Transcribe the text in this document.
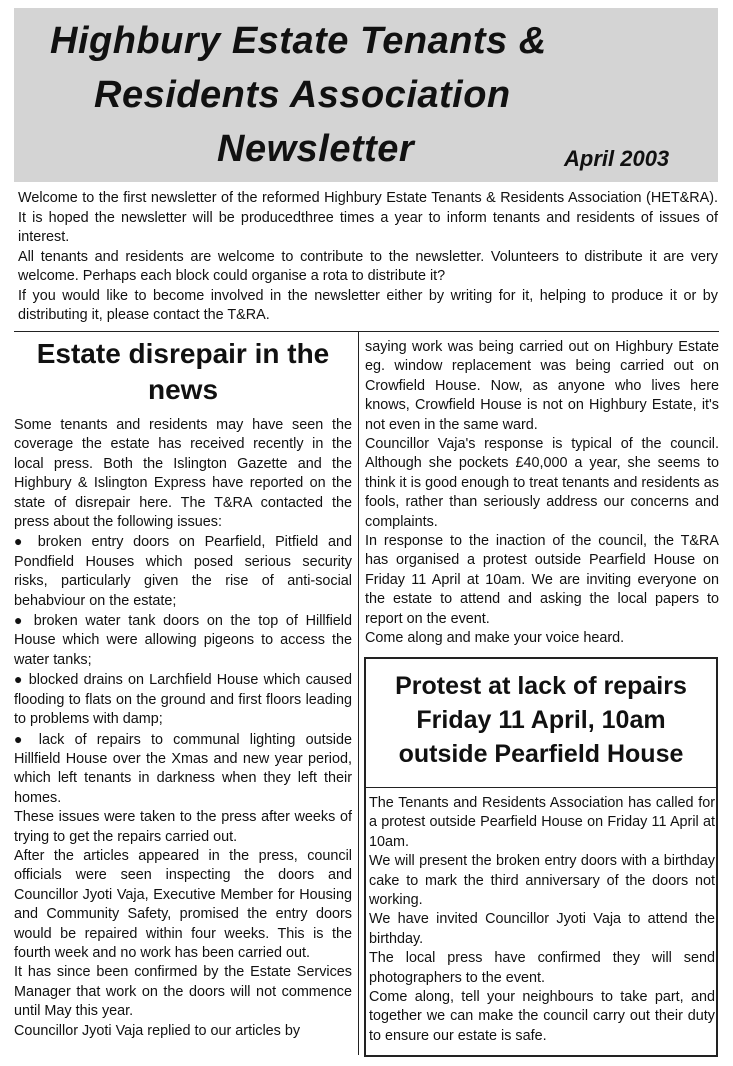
Highbury Estate Tenants &
Residents Association
Newsletter	April 2003

Welcome to the first newsletter of the reformed Highbury Estate Tenants & Residents Association (HET&RA). It is hoped the newsletter will be producedthree times a year to inform tenants and residents of issues of interest.

All tenants and residents are welcome to contribute to the newsletter. Volunteers to distribute it are very welcome. Perhaps each block could organise a rota to distribute it?

If you would like to become involved in the newsletter either by writing for it, helping to produce it or by distributing it, please contact the T&RA.

Estate disrepair in the news

Some tenants and residents may have seen the coverage the estate has received recently in the local press. Both the Islington Gazette and the Highbury & Islington Express have reported on the state of disrepair here. The T&RA contacted the press about the following issues:

● broken entry doors on Pearfield, Pitfield and Pondfield Houses which posed serious security risks, particularly given the rise of anti-social behabviour on the estate;

● broken water tank doors on the top of Hillfield House which were allowing pigeons to access the water tanks;

● blocked drains on Larchfield House which caused flooding to flats on the ground and first floors leading to problems with damp;

● lack of repairs to communal lighting outside Hillfield House over the Xmas and new year period, which left tenants in darkness when they left their homes.

These issues were taken to the press after weeks of trying to get the repairs carried out.

After the articles appeared in the press, council officials were seen inspecting the doors and Councillor Jyoti Vaja, Executive Member for Housing and Community Safety, promised the entry doors would be repaired within four weeks. This is the fourth week and no work has been carried out.

It has since been confirmed by the Estate Services Manager that work on the doors will not commence until May this year.

Councillor Jyoti Vaja replied to our articles by

saying work was being carried out on Highbury Estate eg. window replacement was being carried out on Crowfield House. Now, as anyone who lives here knows, Crowfield House is not on Highbury Estate, it's not even in the same ward.

Councillor Vaja's response is typical of the council. Although she pockets £40,000 a year, she seems to think it is good enough to treat tenants and residents as fools, rather than seriously address our concerns and complaints.

In response to the inaction of the council, the T&RA has organised a protest outside Pearfield House on Friday 11 April at 10am. We are inviting everyone on the estate to attend and asking the local papers to report on the event.

Come along and make your voice heard.

Protest at lack of repairs
Friday 11 April, 10am
outside Pearfield House

The Tenants and Residents Association has called for a protest outside Pearfield House on Friday 11 April at 10am.

We will present the broken entry doors with a birthday cake to mark the third anniversary of the doors not working.

We have invited Councillor Jyoti Vaja to attend the birthday.

The local press have confirmed they will send photographers to the event.

Come along, tell your neighbours to take part, and together we can make the council carry out their duty to ensure our estate is safe.
